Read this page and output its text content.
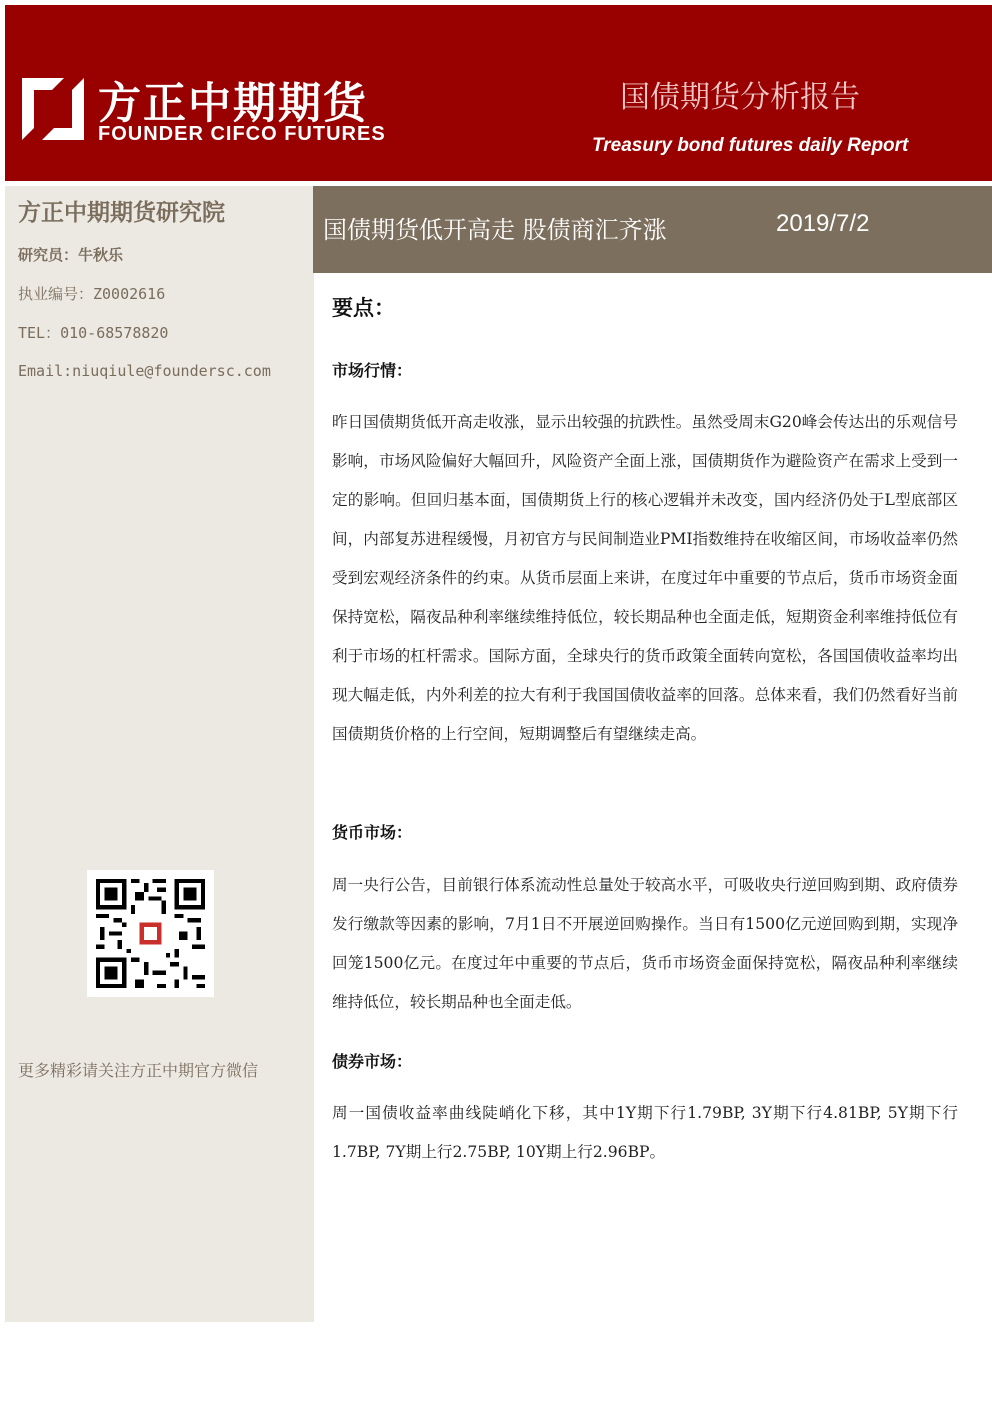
方正中期期货
FOUNDER CIFCO FUTURES
国债期货分析报告
Treasury bond futures daily Report
方正中期期货研究院
研究员：牛秋乐
执业编号：Z0002616
TEL：010-68578820
Email:niuqiule@foundersc.com
更多精彩请关注方正中期官方微信
国债期货低开高走 股债商汇齐涨	2019/7/2
要点：
市场行情：
昨日国债期货低开高走收涨，显示出较强的抗跌性。虽然受周末G20峰会传达出的乐观信号影响，市场风险偏好大幅回升，风险资产全面上涨，国债期货作为避险资产在需求上受到一定的影响。但回归基本面，国债期货上行的核心逻辑并未改变，国内经济仍处于L型底部区间，内部复苏进程缓慢，月初官方与民间制造业PMI指数维持在收缩区间，市场收益率仍然受到宏观经济条件的约束。从货币层面上来讲，在度过年中重要的节点后，货币市场资金面保持宽松，隔夜品种利率继续维持低位，较长期品种也全面走低，短期资金利率维持低位有利于市场的杠杆需求。国际方面，全球央行的货币政策全面转向宽松，各国国债收益率均出现大幅走低，内外利差的拉大有利于我国国债收益率的回落。总体来看，我们仍然看好当前国债期货价格的上行空间，短期调整后有望继续走高。
货币市场：
周一央行公告，目前银行体系流动性总量处于较高水平，可吸收央行逆回购到期、政府债券发行缴款等因素的影响，7月1日不开展逆回购操作。当日有1500亿元逆回购到期，实现净回笼1500亿元。在度过年中重要的节点后，货币市场资金面保持宽松，隔夜品种利率继续维持低位，较长期品种也全面走低。
债券市场：
周一国债收益率曲线陡峭化下移，其中1Y期下行1.79BP, 3Y期下行4.81BP, 5Y期下行1.7BP, 7Y期上行2.75BP, 10Y期上行2.96BP。
